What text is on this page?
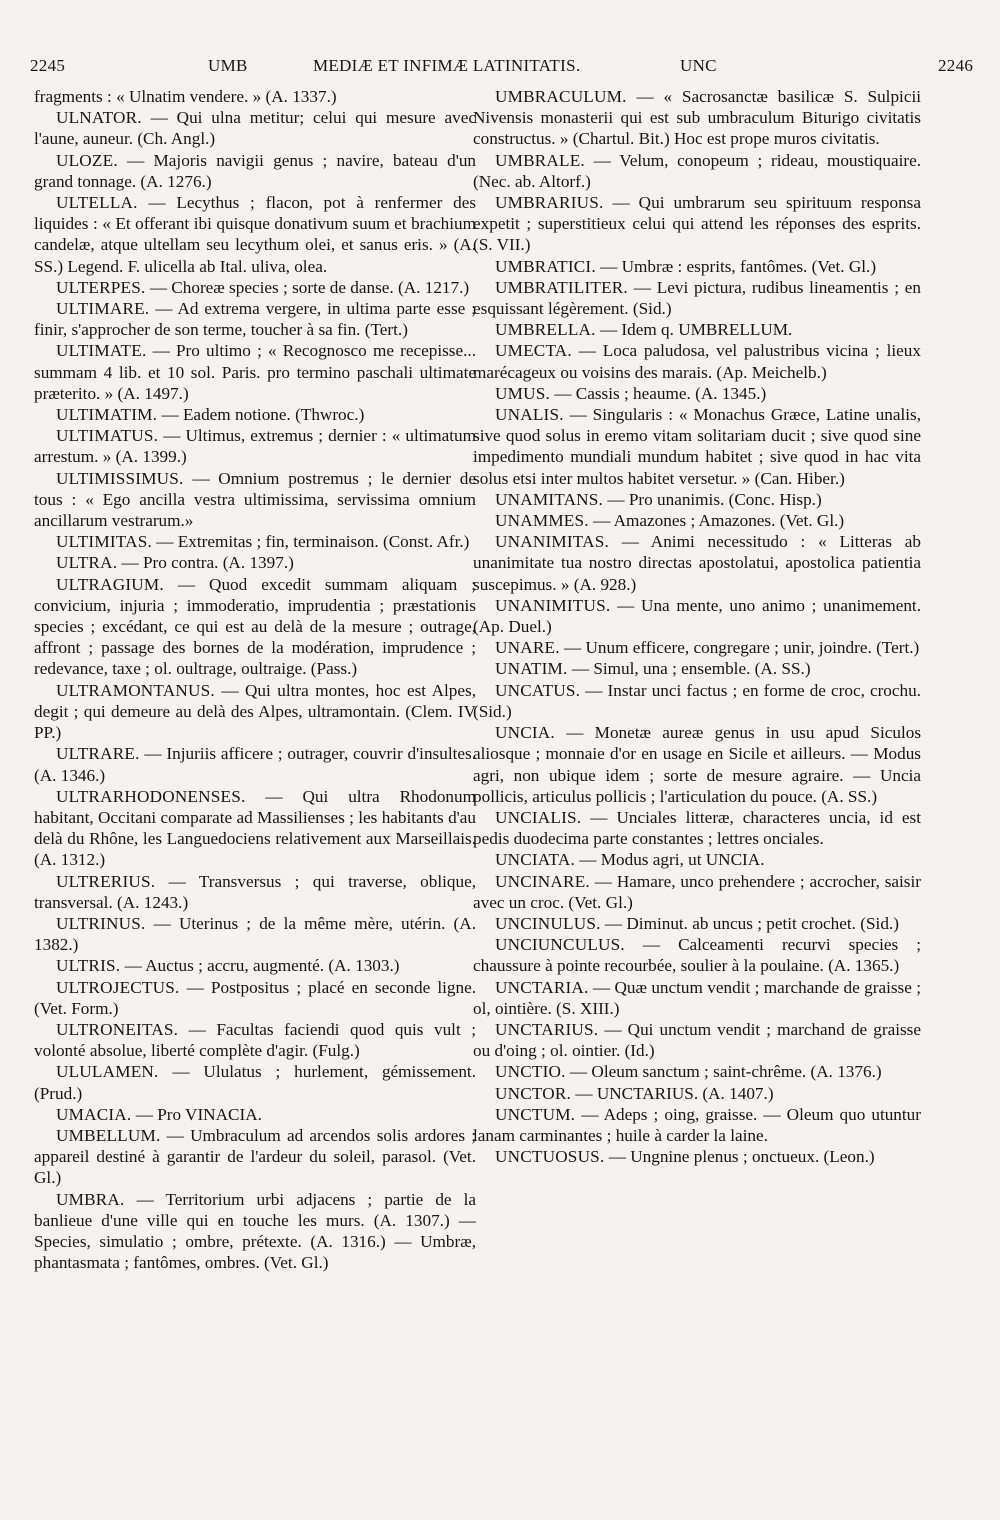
2245	UMB	MEDIÆ ET INFIMÆ LATINITATIS.	UNC	2246

fragments : « Ulnatim vendere. » (A. 1337.)

ULNATOR. — Qui ulna metitur; celui qui mesure avec l'aune, auneur. (Ch. Angl.)

ULOZE. — Majoris navigii genus ; navire, bateau d'un grand tonnage. (A. 1276.)

ULTELLA. — Lecythus ; flacon, pot à renfermer des liquides : « Et offerant ibi quisque donativum suum et brachium candelæ, atque ultellam seu lecythum olei, et sanus eris. » (A. SS.) Legend. F. ulicella ab Ital. uliva, olea.

ULTERPES. — Choreæ species ; sorte de danse. (A. 1217.)

ULTIMARE. — Ad extrema vergere, in ultima parte esse ; finir, s'approcher de son terme, toucher à sa fin. (Tert.)

ULTIMATE. — Pro ultimo ; « Recognosco me recepisse... summam 4 lib. et 10 sol. Paris. pro termino paschali ultimate præterito. » (A. 1497.)

ULTIMATIM. — Eadem notione. (Thwroc.)

ULTIMATUS. — Ultimus, extremus ; dernier : « ultimatum arrestum. » (A. 1399.)

ULTIMISSIMUS. — Omnium postremus ; le dernier de tous : « Ego ancilla vestra ultimissima, servissima omnium ancillarum vestrarum.»

ULTIMITAS. — Extremitas ; fin, terminaison. (Const. Afr.)

ULTRA. — Pro contra. (A. 1397.)

ULTRAGIUM. — Quod excedit summam aliquam ; convicium, injuria ; immoderatio, imprudentia ; præstationis species ; excédant, ce qui est au delà de la mesure ; outrage, affront ; passage des bornes de la modération, imprudence ; redevance, taxe ; ol. oultrage, oultraige. (Pass.)

ULTRAMONTANUS. — Qui ultra montes, hoc est Alpes, degit ; qui demeure au delà des Alpes, ultramontain. (Clem. IV PP.)

ULTRARE. — Injuriis afficere ; outrager, couvrir d'insultes. (A. 1346.)

ULTRARHODONENSES. — Qui ultra Rhodonum habitant, Occitani comparate ad Massilienses ; les habitants d'au delà du Rhône, les Languedociens relativement aux Marseillais. (A. 1312.)

ULTRERIUS. — Transversus ; qui traverse, oblique, transversal. (A. 1243.)

ULTRINUS. — Uterinus ; de la même mère, utérin. (A. 1382.)

ULTRIS. — Auctus ; accru, augmenté. (A. 1303.)

ULTROJECTUS. — Postpositus ; placé en seconde ligne. (Vet. Form.)

ULTRONEITAS. — Facultas faciendi quod quis vult ; volonté absolue, liberté complète d'agir. (Fulg.)

ULULAMEN. — Ululatus ; hurlement, gémissement. (Prud.)

UMACIA. — Pro VINACIA.

UMBELLUM. — Umbraculum ad arcendos solis ardores ; appareil destiné à garantir de l'ardeur du soleil, parasol. (Vet. Gl.)

UMBRA. — Territorium urbi adjacens ; partie de la banlieue d'une ville qui en touche les murs. (A. 1307.) — Species, simulatio ; ombre, prétexte. (A. 1316.) — Umbræ, phantasmata ; fantômes, ombres. (Vet. Gl.)

UMBRACULUM. — « Sacrosanctæ basilicæ S. Sulpicii Nivensis monasterii qui est sub umbraculum Biturigo civitatis constructus. » (Chartul. Bit.) Hoc est prope muros civitatis.

UMBRALE. — Velum, conopeum ; rideau, moustiquaire. (Nec. ab. Altorf.)

UMBRARIUS. — Qui umbrarum seu spirituum responsa expetit ; superstitieux celui qui attend les réponses des esprits. (S. VII.)

UMBRATICI. — Umbræ : esprits, fantômes. (Vet. Gl.)

UMBRATILITER. — Levi pictura, rudibus lineamentis ; en esquissant légèrement. (Sid.)

UMBRELLA. — Idem q. UMBRELLUM.

UMECTA. — Loca paludosa, vel palustribus vicina ; lieux marécageux ou voisins des marais. (Ap. Meichelb.)

UMUS. — Cassis ; heaume. (A. 1345.)

UNALIS. — Singularis : « Monachus Græce, Latine unalis, sive quod solus in eremo vitam solitariam ducit ; sive quod sine impedimento mundiali mundum habitet ; sive quod in hac vita solus etsi inter multos habitet versetur. » (Can. Hiber.)

UNAMITANS. — Pro unanimis. (Conc. Hisp.)

UNAMMES. — Amazones ; Amazones. (Vet. Gl.)

UNANIMITAS. — Animi necessitudo : « Litteras ab unanimitate tua nostro directas apostolatui, apostolica patientia suscepimus. » (A. 928.)

UNANIMITUS. — Una mente, uno animo ; unanimement. (Ap. Duel.)

UNARE. — Unum efficere, congregare ; unir, joindre. (Tert.)

UNATIM. — Simul, una ; ensemble. (A. SS.)

UNCATUS. — Instar unci factus ; en forme de croc, crochu. (Sid.)

UNCIA. — Monetæ aureæ genus in usu apud Siculos aliosque ; monnaie d'or en usage en Sicile et ailleurs. — Modus agri, non ubique idem ; sorte de mesure agraire. — Uncia pollicis, articulus pollicis ; l'articulation du pouce. (A. SS.)

UNCIALIS. — Unciales litteræ, characteres uncia, id est pedis duodecima parte constantes ; lettres onciales.

UNCIATA. — Modus agri, ut UNCIA.

UNCINARE. — Hamare, unco prehendere ; accrocher, saisir avec un croc. (Vet. Gl.)

UNCINULUS. — Diminut. ab uncus ; petit crochet. (Sid.)

UNCIUNCULUS. — Calceamenti recurvi species ; chaussure à pointe recourbée, soulier à la poulaine. (A. 1365.)

UNCTARIA. — Quæ unctum vendit ; marchande de graisse ; ol, ointière. (S. XIII.)

UNCTARIUS. — Qui unctum vendit ; marchand de graisse ou d'oing ; ol. ointier. (Id.)

UNCTIO. — Oleum sanctum ; saint-chrême. (A. 1376.)

UNCTOR. — UNCTARIUS. (A. 1407.)

UNCTUM. — Adeps ; oing, graisse. — Oleum quo utuntur lanam carminantes ; huile à carder la laine.

UNCTUOSUS. — Ungnine plenus ; onctueux. (Leon.)
